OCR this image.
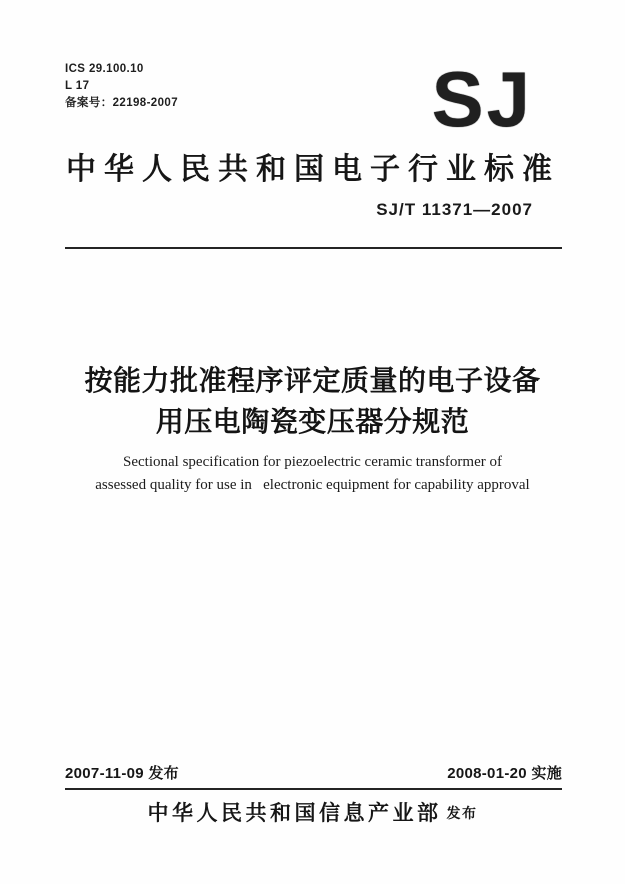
ICS 29.100.10
L 17
备案号：22198-2007	SJ
中华人民共和国电子行业标准
SJ/T 11371—2007
按能力批准程序评定质量的电子设备
用压电陶瓷变压器分规范
Sectional specification for piezoelectric ceramic transformer of
assessed quality for use in   electronic equipment for capability approval
2007-11-09 发布	2008-01-20 实施
中华人民共和国信息产业部 发布
